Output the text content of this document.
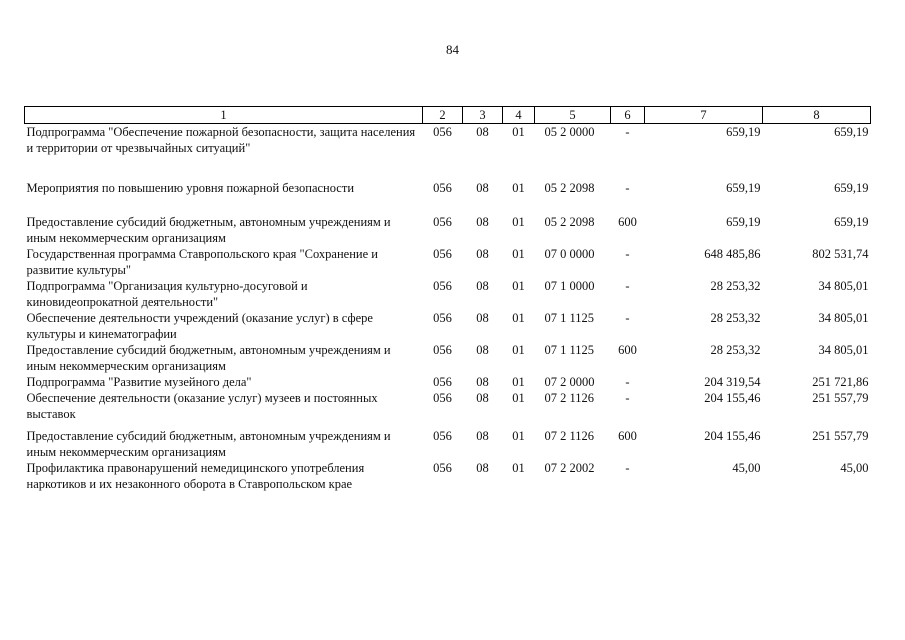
84
1	2	3	4	5	6	7	8
Подпрограмма "Обеспечение пожарной безопасности, защита населения и территории от чрезвычайных ситуаций"	056	08	01	05 2 0000	-	659,19	659,19

Мероприятия по повышению уровня пожарной безопасности	056	08	01	05 2 2098	-	659,19	659,19

Предоставление субсидий бюджетным, автономным учреждениям и иным некоммерческим организациям	056	08	01	05 2 2098	600	659,19	659,19
Государственная программа Ставропольского края "Сохранение и развитие культуры"	056	08	01	07 0 0000	-	648 485,86	802 531,74
Подпрограмма "Организация культурно-досуговой и киновидеопрокатной деятельности"	056	08	01	07 1 0000	-	28 253,32	34 805,01
Обеспечение деятельности учреждений (оказание услуг) в сфере культуры и кинематографии	056	08	01	07 1 1125	-	28 253,32	34 805,01
Предоставление субсидий бюджетным, автономным учреждениям и иным некоммерческим организациям	056	08	01	07 1 1125	600	28 253,32	34 805,01
Подпрограмма "Развитие музейного дела"	056	08	01	07 2 0000	-	204 319,54	251 721,86
Обеспечение деятельности (оказание услуг) музеев и постоянных выставок	056	08	01	07 2 1126	-	204 155,46	251 557,79

Предоставление субсидий бюджетным, автономным учреждениям и иным некоммерческим организациям	056	08	01	07 2 1126	600	204 155,46	251 557,79
Профилактика правонарушений немедицинского употребления наркотиков и их незаконного оборота в Ставропольском крае	056	08	01	07 2 2002	-	45,00	45,00
